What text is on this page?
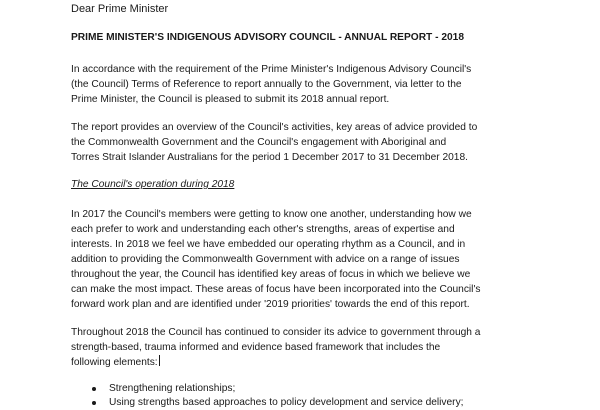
Dear Prime Minister
PRIME MINISTER'S INDIGENOUS ADVISORY COUNCIL - ANNUAL REPORT - 2018
In accordance with the requirement of the Prime Minister's Indigenous Advisory Council's
(the Council) Terms of Reference to report annually to the Government, via letter to the
Prime Minister, the Council is pleased to submit its 2018 annual report.
The report provides an overview of the Council's activities, key areas of advice provided to
the Commonwealth Government and the Council's engagement with Aboriginal and
Torres Strait Islander Australians for the period 1 December 2017 to 31 December 2018.
The Council's operation during 2018
In 2017 the Council's members were getting to know one another, understanding how we
each prefer to work and understanding each other's strengths, areas of expertise and
interests. In 2018 we feel we have embedded our operating rhythm as a Council, and in
addition to providing the Commonwealth Government with advice on a range of issues
throughout the year, the Council has identified key areas of focus in which we believe we
can make the most impact. These areas of focus have been incorporated into the Council's
forward work plan and are identified under '2019 priorities' towards the end of this report.
Throughout 2018 the Council has continued to consider its advice to government through a
strength-based, trauma informed and evidence based framework that includes the
following elements:
Strengthening relationships;
Using strengths based approaches to policy development and service delivery;
